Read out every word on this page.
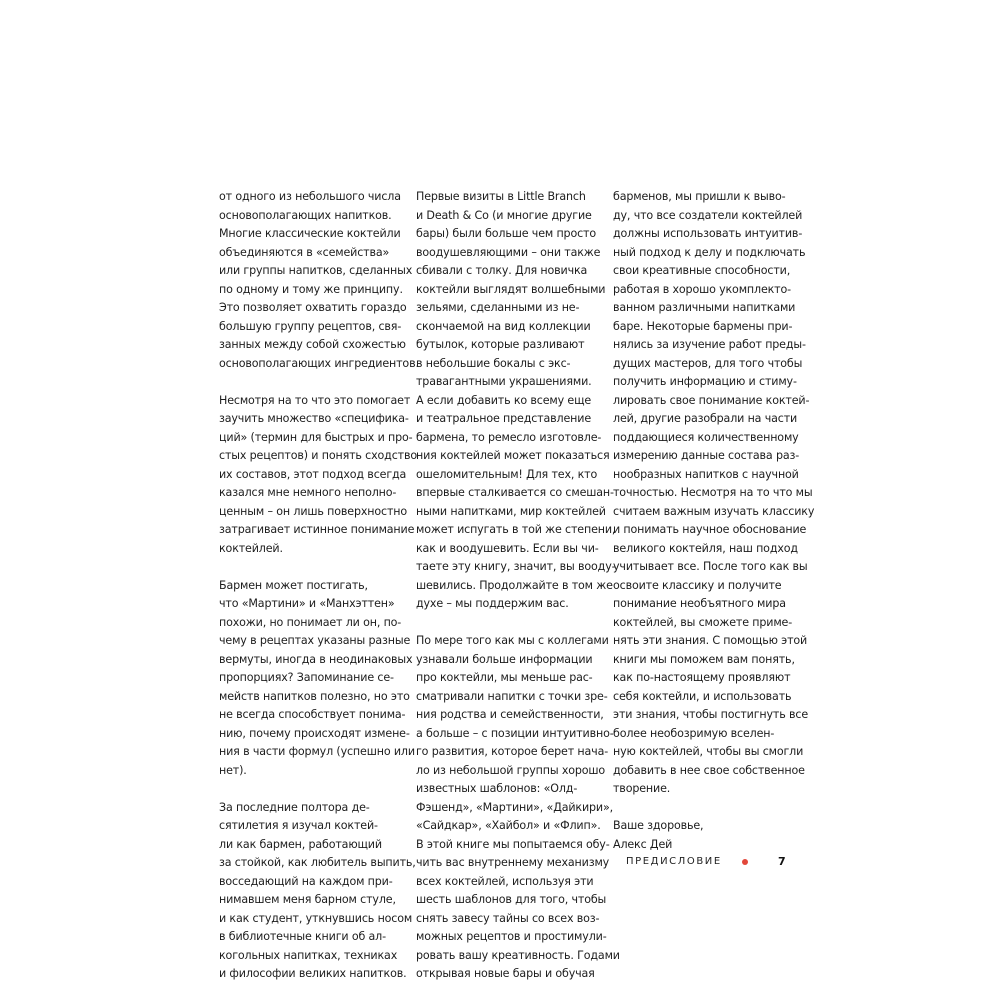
от одного из небольшого числа
основополагающих напитков.
Многие классические коктейли
объединяются в «семейства»
или группы напитков, сделанных
по одному и тому же принципу.
Это позволяет охватить гораздо
большую группу рецептов, свя-
занных между собой схожестью
основополагающих ингредиентов.
Несмотря на то что это помогает
заучить множество «специфика-
ций» (термин для быстрых и про-
стых рецептов) и понять сходство
их составов, этот подход всегда
казался мне немного неполно-
ценным – он лишь поверхностно
затрагивает истинное понимание
коктейлей.
Бармен может постигать,
что «Мартини» и «Манхэттен»
похожи, но понимает ли он, по-
чему в рецептах указаны разные
вермуты, иногда в неодинаковых
пропорциях? Запоминание се-
мейств напитков полезно, но это
не всегда способствует понима-
нию, почему происходят измене-
ния в части формул (успешно или
нет).
За последние полтора де-
сятилетия я изучал коктей-
ли как бармен, работающий
за стойкой, как любитель выпить,
восседающий на каждом при-
нимавшем меня барном стуле,
и как студент, уткнувшись носом
в библиотечные книги об ал-
когольных напитках, техниках
и философии великих напитков.
Первые визиты в Little Branch
и Death & Co (и многие другие
бары) были больше чем просто
воодушевляющими – они также
сбивали с толку. Для новичка
коктейли выглядят волшебными
зельями, сделанными из не-
скончаемой на вид коллекции
бутылок, которые разливают
в небольшие бокалы с экс-
травагантными украшениями.
А если добавить ко всему еще
и театральное представление
бармена, то ремесло изготовле-
ния коктейлей может показаться
ошеломительным! Для тех, кто
впервые сталкивается со смешан-
ными напитками, мир коктейлей
может испугать в той же степени,
как и воодушевить. Если вы чи-
таете эту книгу, значит, вы вооду-
шевились. Продолжайте в том же
духе – мы поддержим вас.
По мере того как мы с коллегами
узнавали больше информации
про коктейли, мы меньше рас-
сматривали напитки с точки зре-
ния родства и семейственности,
а больше – с позиции интуитивно-
го развития, которое берет нача-
ло из небольшой группы хорошо
известных шаблонов: «Олд-
Фэшенд», «Мартини», «Дайкири»,
«Сайдкар», «Хайбол» и «Флип».
В этой книге мы попытаемся обу-
чить вас внутреннему механизму
всех коктейлей, используя эти
шесть шаблонов для того, чтобы
снять завесу тайны со всех воз-
можных рецептов и простимули-
ровать вашу креативность. Годами
открывая новые бары и обучая
барменов, мы пришли к выво-
ду, что все создатели коктейлей
должны использовать интуитив-
ный подход к делу и подключать
свои креативные способности,
работая в хорошо укомплекто-
ванном различными напитками
баре. Некоторые бармены при-
нялись за изучение работ преды-
дущих мастеров, для того чтобы
получить информацию и стиму-
лировать свое понимание коктей-
лей, другие разобрали на части
поддающиеся количественному
измерению данные состава раз-
нообразных напитков с научной
точностью. Несмотря на то что мы
считаем важным изучать классику
и понимать научное обоснование
великого коктейля, наш подход
учитывает все. После того как вы
освоите классику и получите
понимание необъятного мира
коктейлей, вы сможете приме-
нять эти знания. С помощью этой
книги мы поможем вам понять,
как по-настоящему проявляют
себя коктейли, и использовать
эти знания, чтобы постигнуть все
более необозримую вселен-
ную коктейлей, чтобы вы смогли
добавить в нее свое собственное
творение.
Ваше здоровье,
Алекс Дей
ПРЕДИСЛОВИЕ	7
